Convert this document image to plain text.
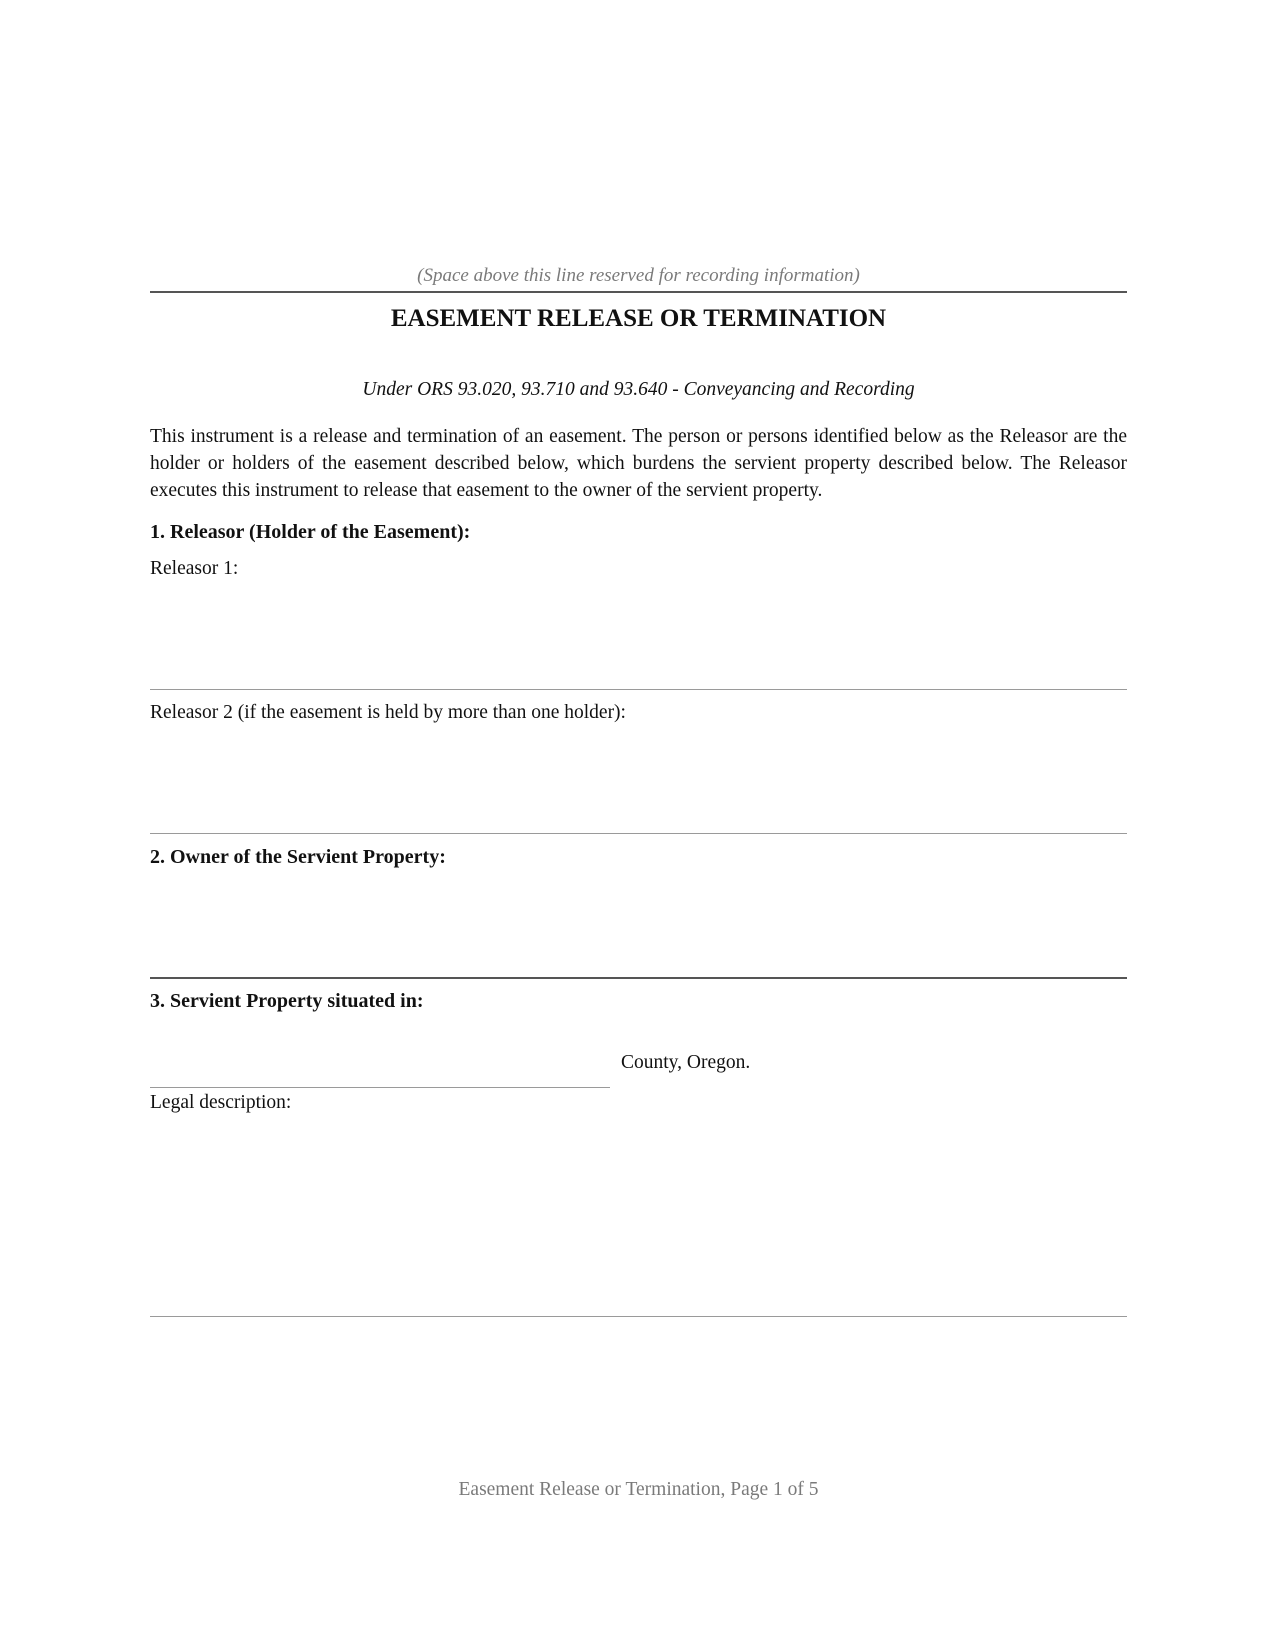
(Space above this line reserved for recording information)
EASEMENT RELEASE OR TERMINATION
Under ORS 93.020, 93.710 and 93.640 - Conveyancing and Recording
This instrument is a release and termination of an easement. The person or persons identified below as the Releasor are the holder or holders of the easement described below, which burdens the servient property described below. The Releasor executes this instrument to release that easement to the owner of the servient property.
1. Releasor (Holder of the Easement):
Releasor 1:
Releasor 2 (if the easement is held by more than one holder):
2. Owner of the Servient Property:
3. Servient Property situated in:
County, Oregon.
Legal description:
Easement Release or Termination, Page 1 of 5
